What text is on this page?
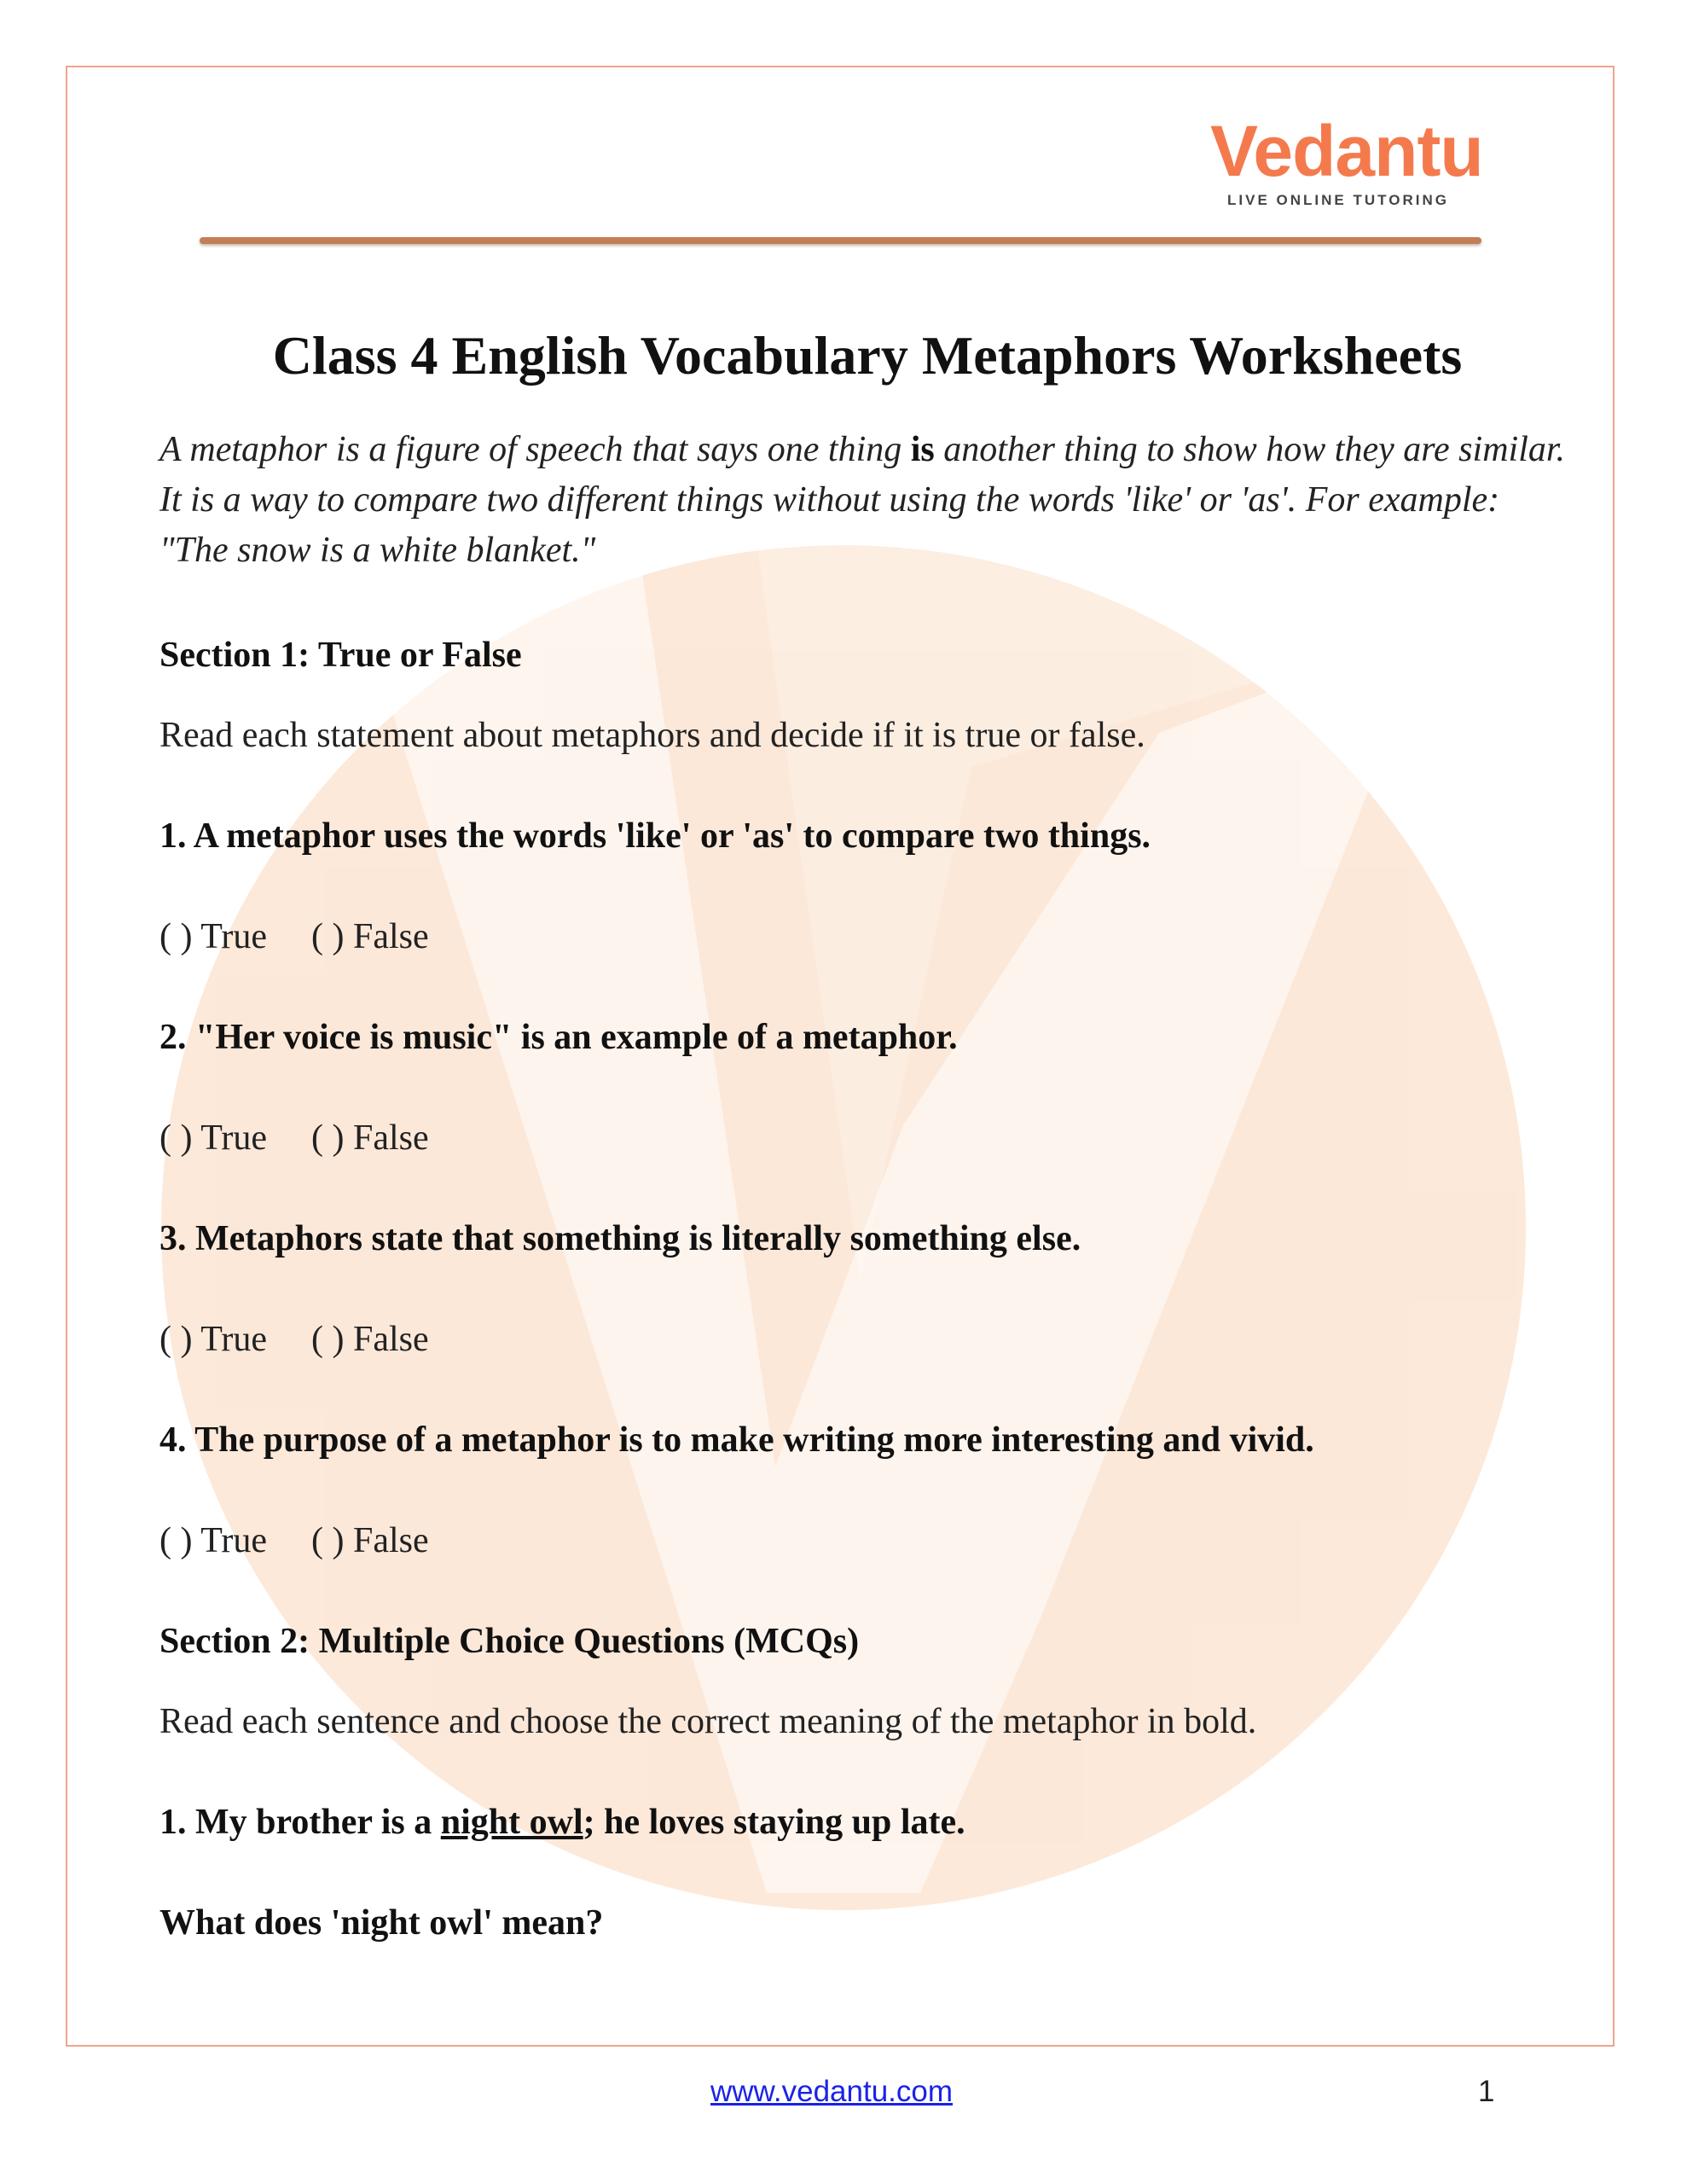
Vedantu
LIVE ONLINE TUTORING
Class 4 English Vocabulary Metaphors Worksheets

A metaphor is a figure of speech that says one thing is another thing to show how they are similar. It is a way to compare two different things without using the words 'like' or 'as'. For example: "The snow is a white blanket."

Section 1: True or False
Read each statement about metaphors and decide if it is true or false.
1. A metaphor uses the words 'like' or 'as' to compare two things.
( ) True ( ) False
2. "Her voice is music" is an example of a metaphor.
( ) True ( ) False
3. Metaphors state that something is literally something else.
( ) True ( ) False
4. The purpose of a metaphor is to make writing more interesting and vivid.
( ) True ( ) False
Section 2: Multiple Choice Questions (MCQs)
Read each sentence and choose the correct meaning of the metaphor in bold.
1. My brother is a night owl; he loves staying up late.
What does 'night owl' mean?
www.vedantu.com	1
